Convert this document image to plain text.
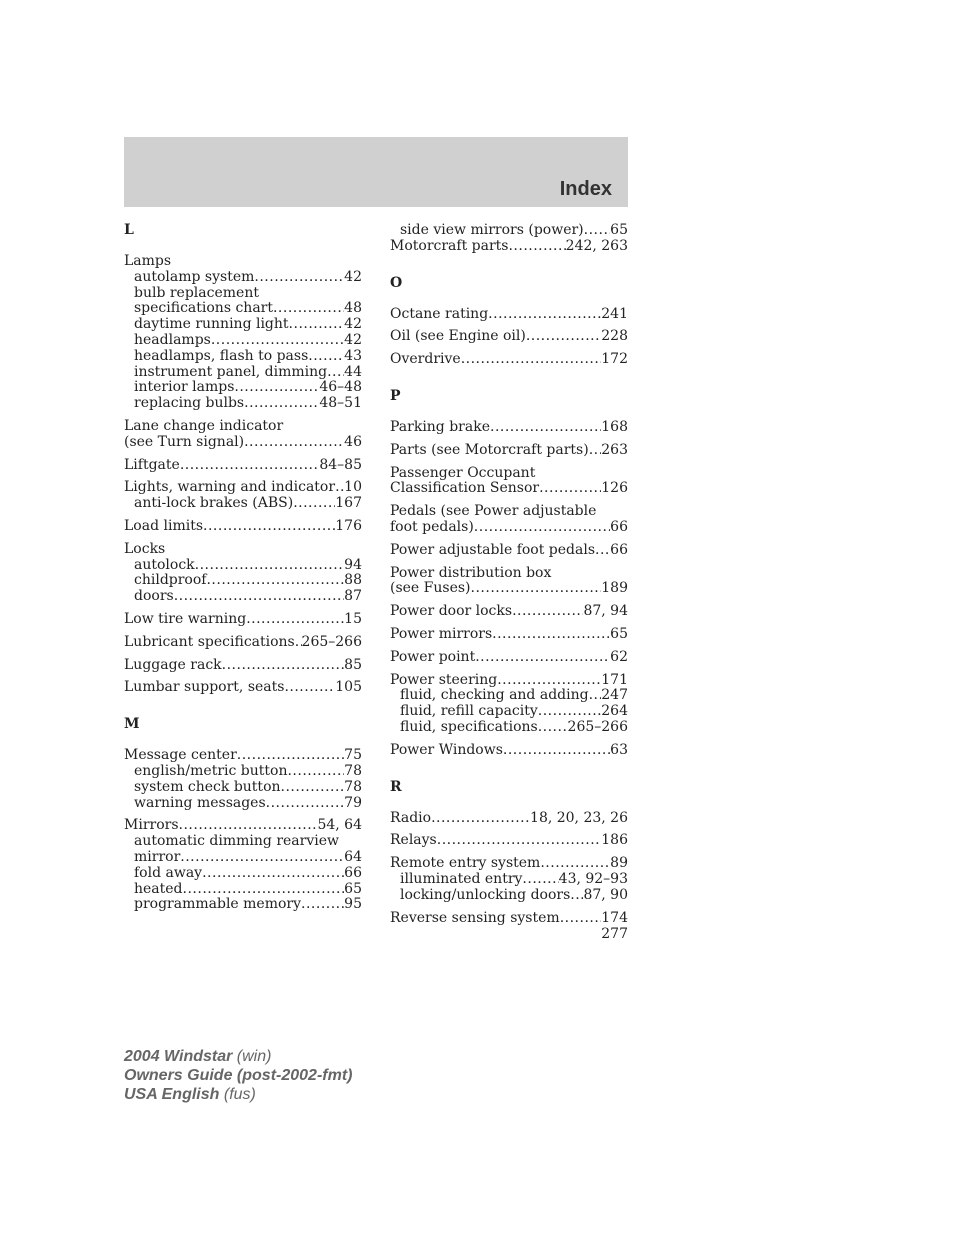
Index
L
Lamps
autolamp system .....	42
bulb replacement
specifications chart .....	48
daytime running light .....	42
headlamps .....	42
headlamps, flash to pass .....	43
instrument panel, dimming ..... 44
interior lamps .....	46–48
replacing bulbs .....	48–51
Lane change indicator
(see Turn signal) .....	46
Liftgate .....	84–85
Lights, warning and indicator ..... 10
anti-lock brakes (ABS) .....	167
Load limits .....	176
Locks
autolock .....	94
childproof .....	88
doors .....	87
Low tire warning .....	15
Lubricant specifications ..... 265–266
Luggage rack .....	85
Lumbar support, seats .....	105
M
Message center .....	75
english/metric button .....	78
system check button .....	78
warning messages .....	79
Mirrors .....	54, 64
automatic dimming rearview
mirror .....	64
fold away .....	66
heated .....	65
programmable memory .....	95
side view mirrors (power) ..... 65
Motorcraft parts .....	242, 263
O
Octane rating .....	241
Oil (see Engine oil) .....	228
Overdrive .....	172
P
Parking brake .....	168
Parts (see Motorcraft parts) ..... 263
Passenger Occupant
Classification Sensor .....	126
Pedals (see Power adjustable
foot pedals) .....	66
Power adjustable foot pedals ..... 66
Power distribution box
(see Fuses) .....	189
Power door locks .....	87, 94
Power mirrors .....	65
Power point .....	62
Power steering .....	171
fluid, checking and adding ..... 247
fluid, refill capacity .....	264
fluid, specifications ..... 265–266
Power Windows .....	63
R
Radio .....	18, 20, 23, 26
Relays .....	186
Remote entry system .....	89
illuminated entry .....	43, 92–93
locking/unlocking doors ..... 87, 90
Reverse sensing system .....	174
277
2004 Windstar (win)
Owners Guide (post-2002-fmt)
USA English (fus)
